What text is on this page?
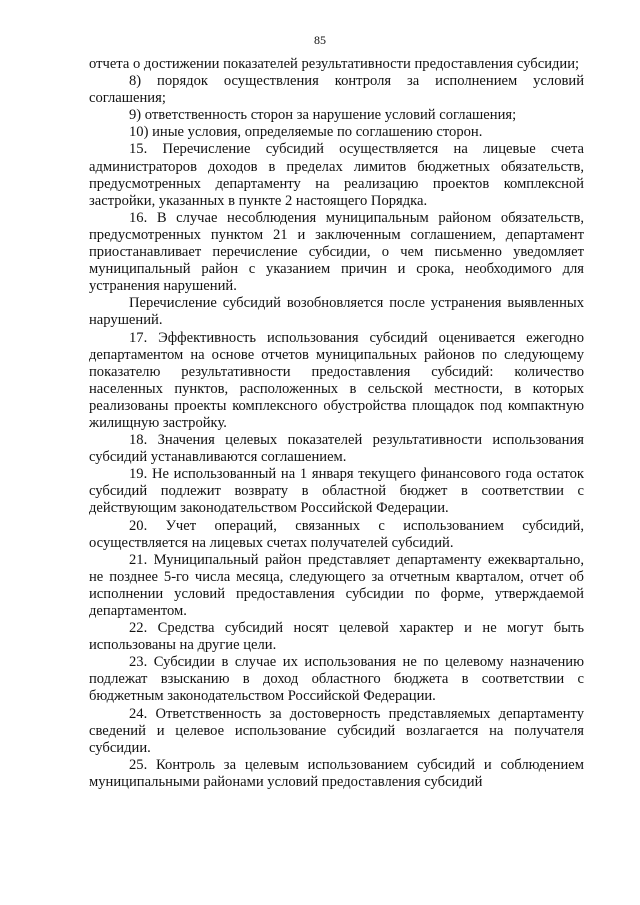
85

отчета о достижении показателей результативности предоставления субсидии;

8) порядок осуществления контроля за исполнением условий соглашения;

9) ответственность сторон за нарушение условий соглашения;

10) иные условия, определяемые по соглашению сторон.

15. Перечисление субсидий осуществляется на лицевые счета администраторов доходов в пределах лимитов бюджетных обязательств, предусмотренных департаменту на реализацию проектов комплексной застройки, указанных в пункте 2 настоящего Порядка.

16. В случае несоблюдения муниципальным районом обязательств, предусмотренных пунктом 21 и заключенным соглашением, департамент приостанавливает перечисление субсидии, о чем письменно уведомляет муниципальный район с указанием причин и срока, необходимого для устранения нарушений.

Перечисление субсидий возобновляется после устранения выявленных нарушений.

17. Эффективность использования субсидий оценивается ежегодно департаментом на основе отчетов муниципальных районов по следующему показателю результативности предоставления субсидий: количество населенных пунктов, расположенных в сельской местности, в которых реализованы проекты комплексного обустройства площадок под компактную жилищную застройку.

18. Значения целевых показателей результативности использования субсидий устанавливаются соглашением.

19. Не использованный на 1 января текущего финансового года остаток субсидий подлежит возврату в областной бюджет в соответствии с действующим законодательством Российской Федерации.

20. Учет операций, связанных с использованием субсидий, осуществляется на лицевых счетах получателей субсидий.

21. Муниципальный район представляет департаменту ежеквартально, не позднее 5-го числа месяца, следующего за отчетным кварталом, отчет об исполнении условий предоставления субсидии по форме, утверждаемой департаментом.

22. Средства субсидий носят целевой характер и не могут быть использованы на другие цели.

23. Субсидии в случае их использования не по целевому назначению подлежат взысканию в доход областного бюджета в соответствии с бюджетным законодательством Российской Федерации.

24. Ответственность за достоверность представляемых департаменту сведений и целевое использование субсидий возлагается на получателя субсидии.

25. Контроль за целевым использованием субсидий и соблюдением муниципальными районами условий предоставления субсидий
